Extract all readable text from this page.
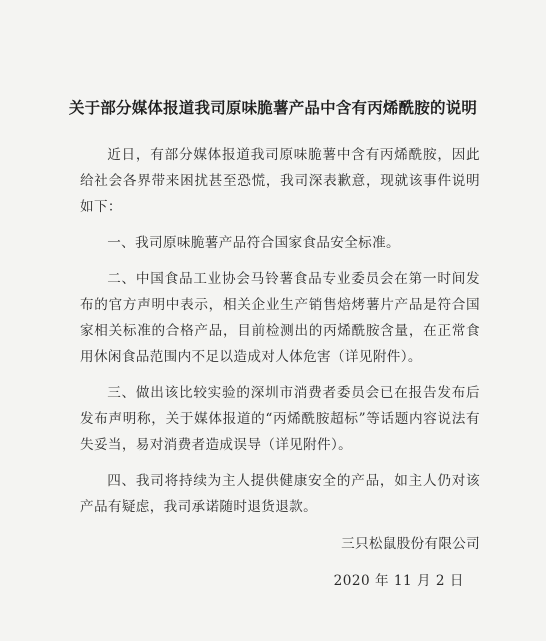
关于部分媒体报道我司原味脆薯产品中含有丙烯酰胺的说明

近日，有部分媒体报道我司原味脆薯中含有丙烯酰胺，因此给社会各界带来困扰甚至恐慌，我司深表歉意，现就该事件说明如下：

一、我司原味脆薯产品符合国家食品安全标准。

二、中国食品工业协会马铃薯食品专业委员会在第一时间发布的官方声明中表示，相关企业生产销售焙烤薯片产品是符合国家相关标准的合格产品，目前检测出的丙烯酰胺含量，在正常食用休闲食品范围内不足以造成对人体危害（详见附件）。

三、做出该比较实验的深圳市消费者委员会已在报告发布后发布声明称，关于媒体报道的“丙烯酰胺超标”等话题内容说法有失妥当，易对消费者造成误导（详见附件）。

四、我司将持续为主人提供健康安全的产品，如主人仍对该产品有疑虑，我司承诺随时退货退款。

三只松鼠股份有限公司
2020 年 11 月 2 日
